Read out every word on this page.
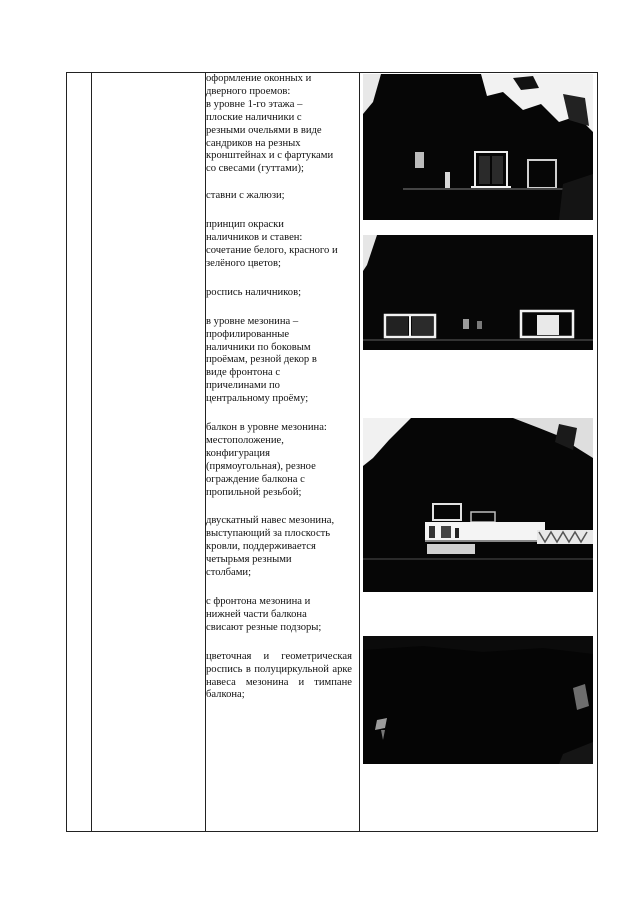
оформление оконных и
дверного проемов:
в уровне 1-го этажа –
плоские наличники с
резными очельями в виде
сандриков на резных
кронштейнах и с фартуками
со свесами (гуттами);

ставни с жалюзи;

принцип окраски
наличников и ставен:
сочетание белого, красного и
зелёного цветов;

роспись наличников;

в уровне мезонина –
профилированные
наличники по боковым
проёмам, резной декор в
виде фронтона с
причелинами по
центральному проёму;

балкон в уровне мезонина:
местоположение,
конфигурация
(прямоугольная), резное
ограждение балкона с
пропильной резьбой;

двускатный навес мезонина,
выступающий за плоскость
кровли, поддерживается
четырьмя резными
столбами;

с фронтона мезонина и
нижней части балкона
свисают резные подзоры;

цветочная и геометрическая роспись в полуциркульной арке навеса мезонина и тимпане балкона;
